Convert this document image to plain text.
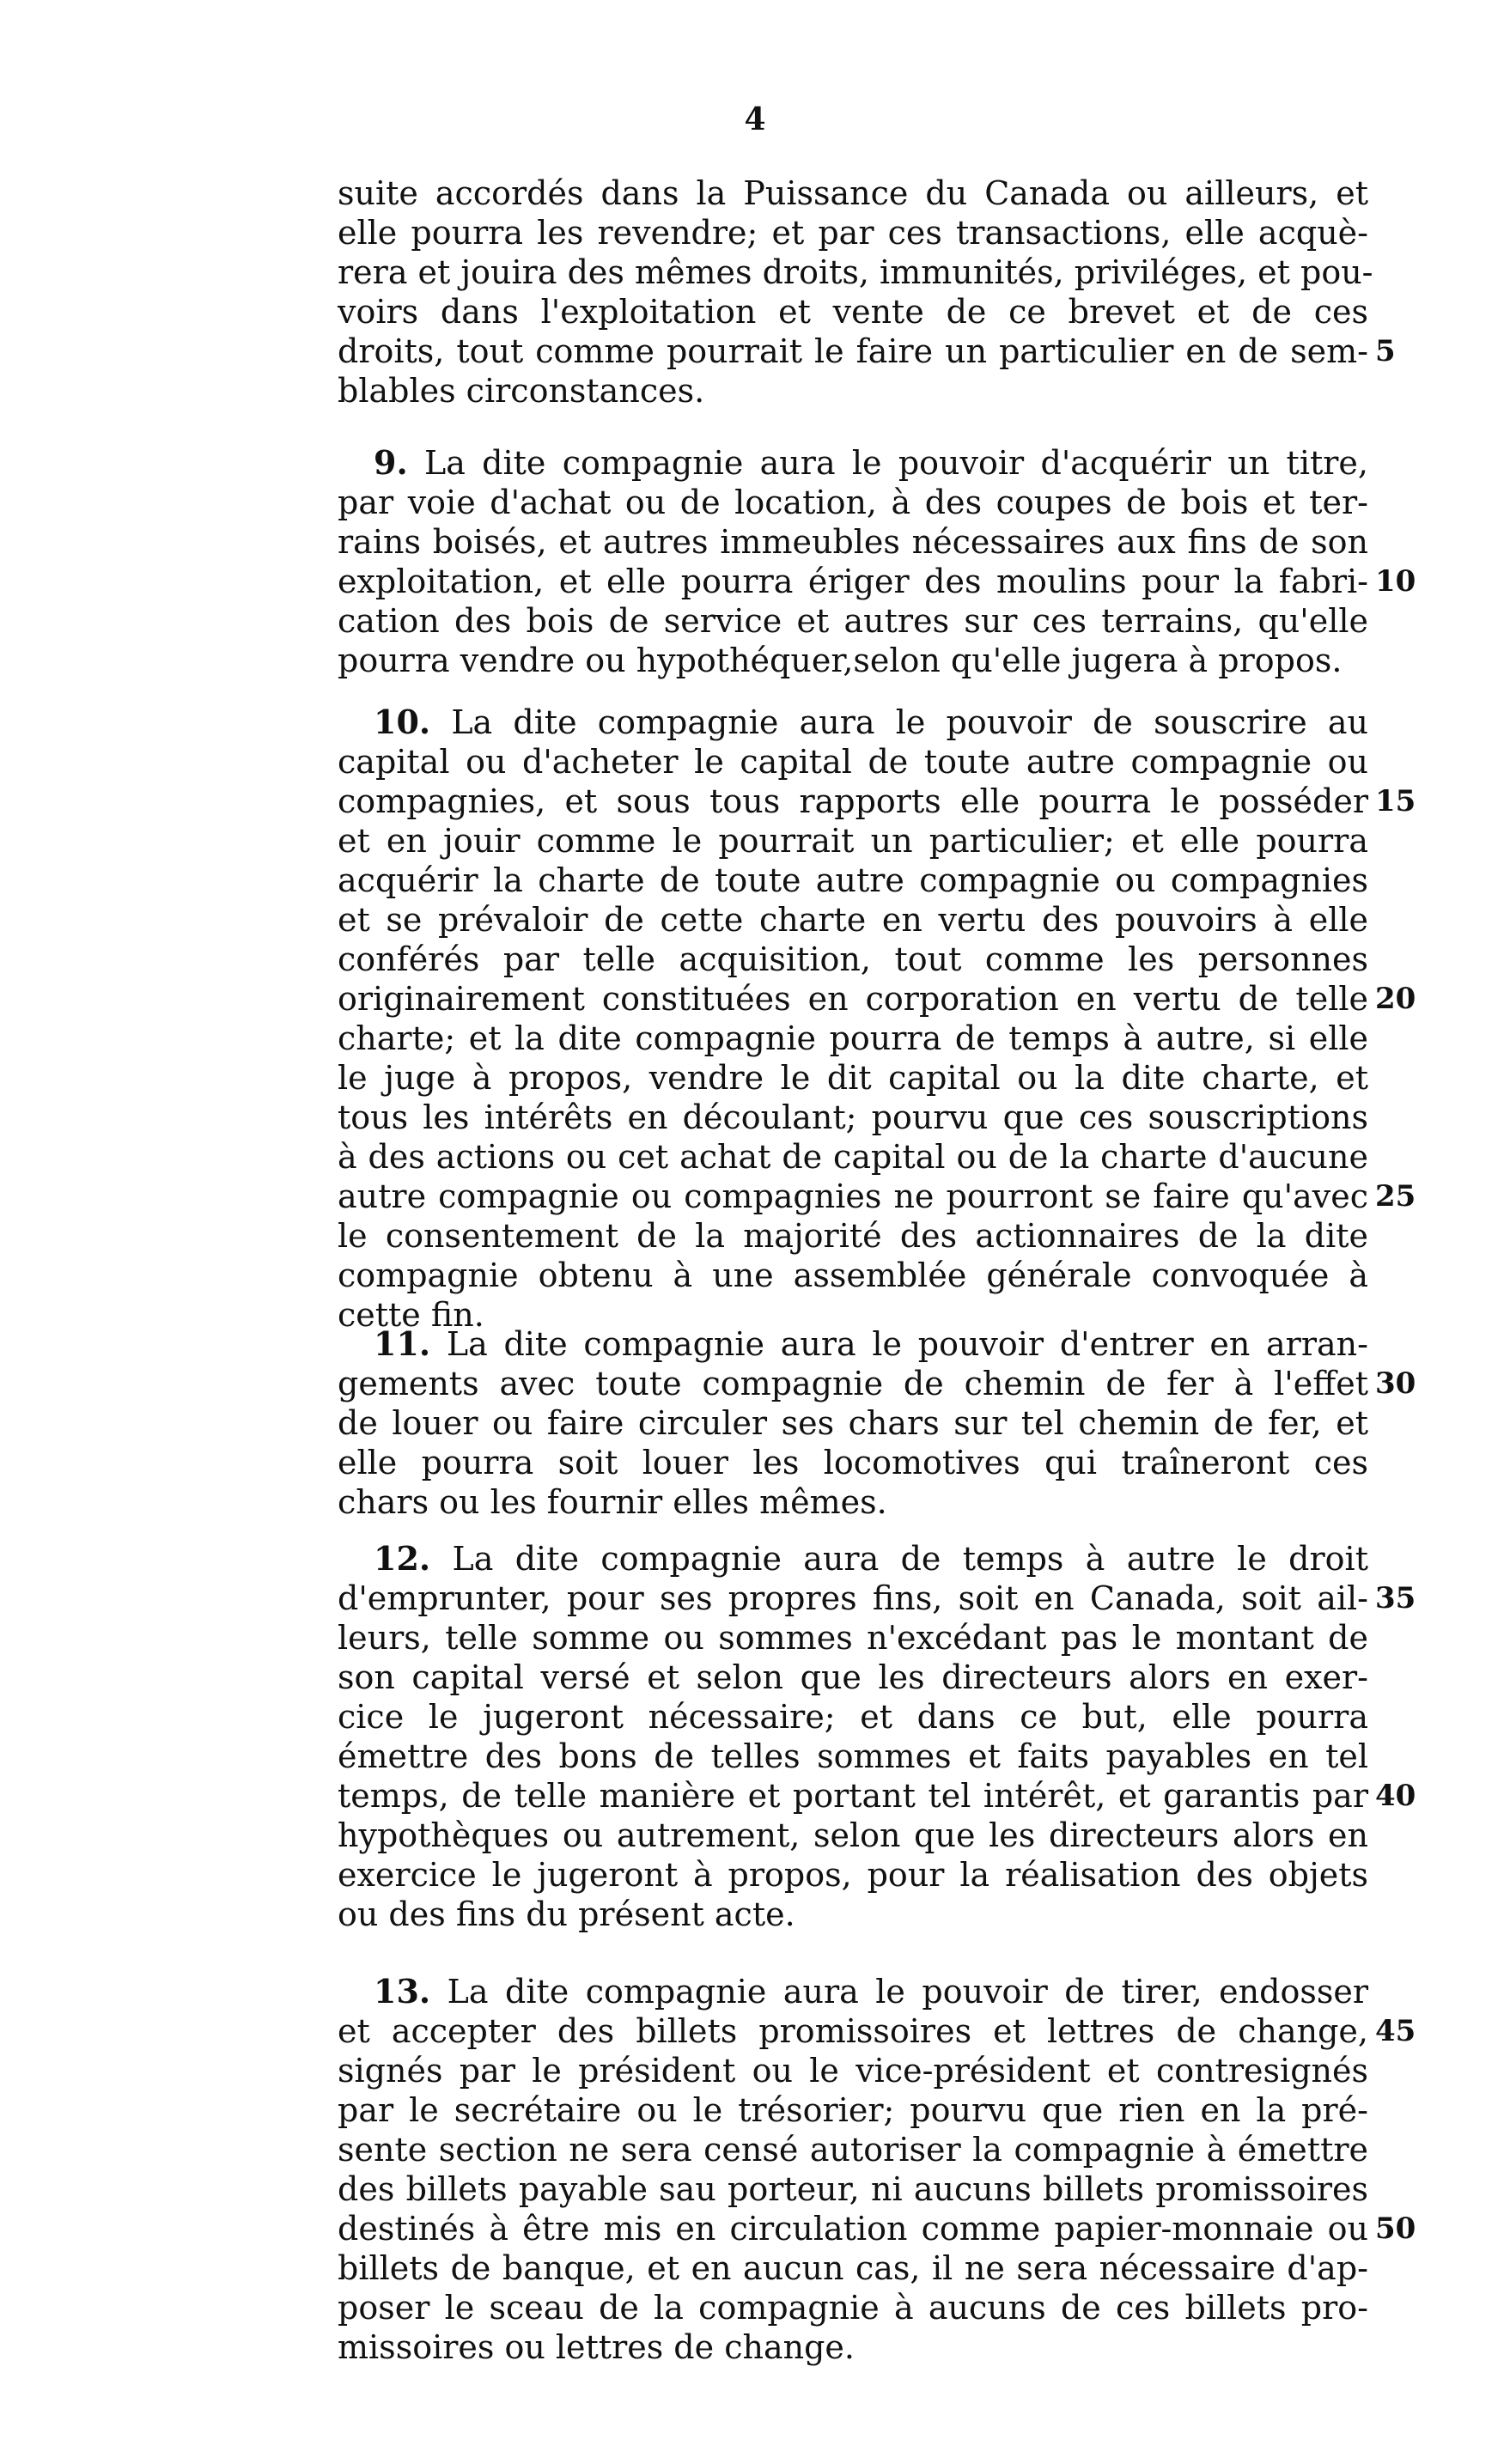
4
suite accordés dans la Puissance du Canada ou ailleurs, et
elle pourra les revendre; et par ces transactions, elle acquè-
rera et jouira des mêmes droits, immunités, priviléges, et pou-
voirs dans l'exploitation et vente de ce brevet et de ces
droits, tout comme pourrait le faire un particulier en de sem- 5
blables circonstances.
9. La dite compagnie aura le pouvoir d'acquérir un titre,
par voie d'achat ou de location, à des coupes de bois et ter-
rains boisés, et autres immeubles nécessaires aux fins de son
exploitation, et elle pourra ériger des moulins pour la fabri- 10
cation des bois de service et autres sur ces terrains, qu'elle
pourra vendre ou hypothéquer,selon qu'elle jugera à propos.
10. La dite compagnie aura le pouvoir de souscrire au
capital ou d'acheter le capital de toute autre compagnie ou
compagnies, et sous tous rapports elle pourra le posséder 15
et en jouir comme le pourrait un particulier; et elle pourra
acquérir la charte de toute autre compagnie ou compagnies
et se prévaloir de cette charte en vertu des pouvoirs à elle
conférés par telle acquisition, tout comme les personnes
originairement constituées en corporation en vertu de telle 20
charte; et la dite compagnie pourra de temps à autre, si elle
le juge à propos, vendre le dit capital ou la dite charte, et
tous les intérêts en découlant; pourvu que ces souscriptions
à des actions ou cet achat de capital ou de la charte d'aucune
autre compagnie ou compagnies ne pourront se faire qu'avec 25
le consentement de la majorité des actionnaires de la dite
compagnie obtenu à une assemblée générale convoquée à
cette fin.
11. La dite compagnie aura le pouvoir d'entrer en arran-
gements avec toute compagnie de chemin de fer à l'effet 30
de louer ou faire circuler ses chars sur tel chemin de fer, et
elle pourra soit louer les locomotives qui traîneront ces
chars ou les fournir elles mêmes.
12. La dite compagnie aura de temps à autre le droit
d'emprunter, pour ses propres fins, soit en Canada, soit ail- 35
leurs, telle somme ou sommes n'excédant pas le montant de
son capital versé et selon que les directeurs alors en exer-
cice le jugeront nécessaire; et dans ce but, elle pourra
émettre des bons de telles sommes et faits payables en tel
temps, de telle manière et portant tel intérêt, et garantis par 40
hypothèques ou autrement, selon que les directeurs alors en
exercice le jugeront à propos, pour la réalisation des objets
ou des fins du présent acte.
13. La dite compagnie aura le pouvoir de tirer, endosser
et accepter des billets promissoires et lettres de change, 45
signés par le président ou le vice-président et contresignés
par le secrétaire ou le trésorier; pourvu que rien en la pré-
sente section ne sera censé autoriser la compagnie à émettre
des billets payable sau porteur, ni aucuns billets promissoires
destinés à être mis en circulation comme papier-monnaie ou 50
billets de banque, et en aucun cas, il ne sera nécessaire d'ap-
poser le sceau de la compagnie à aucuns de ces billets pro-
missoires ou lettres de change.
